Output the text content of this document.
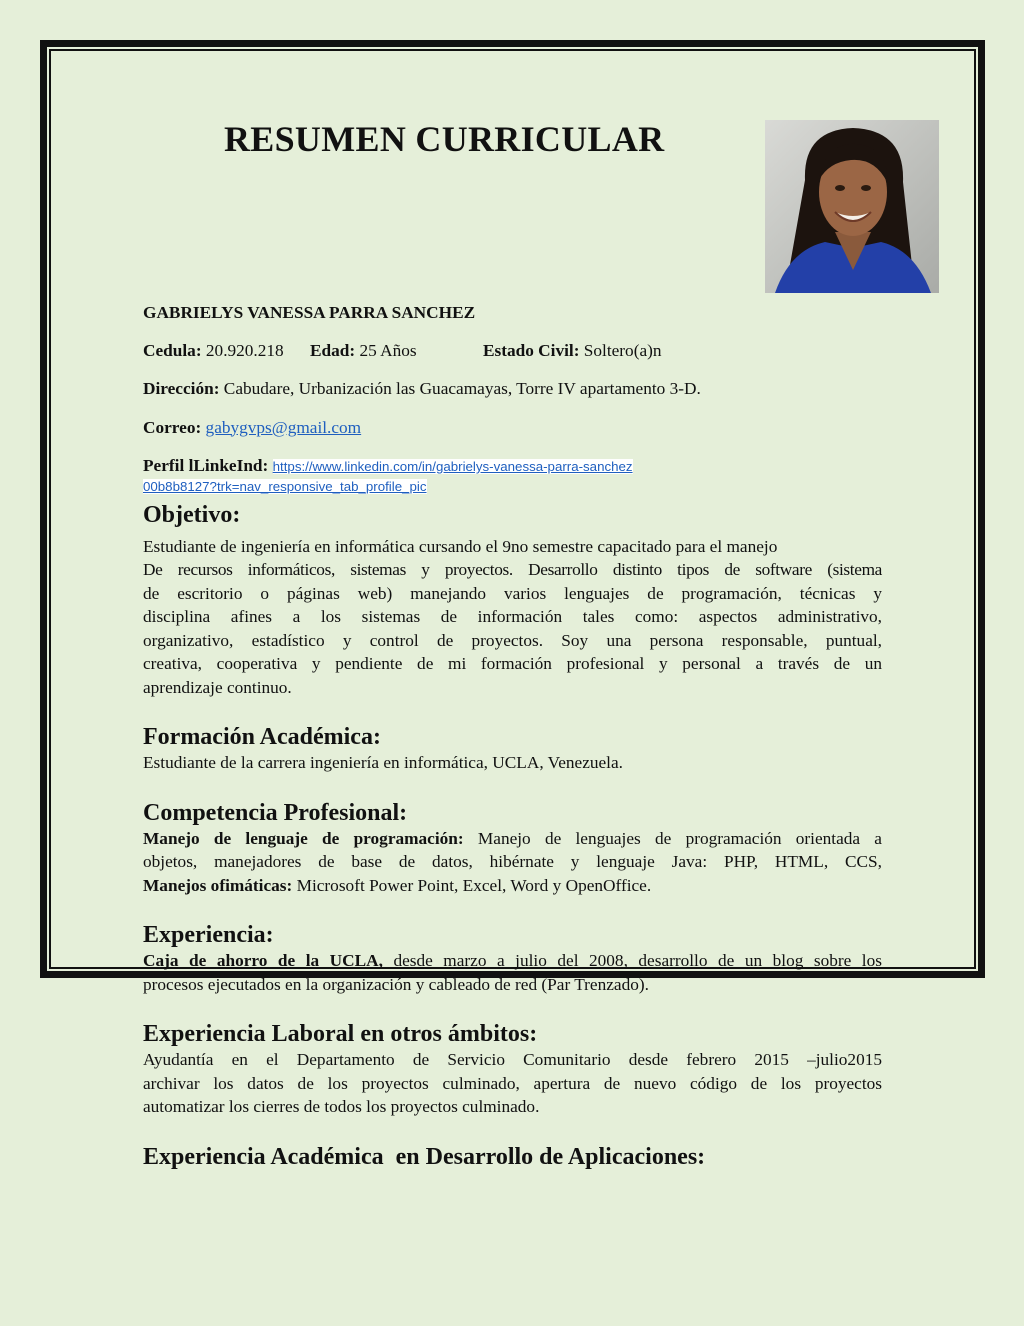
RESUMEN CURRICULAR

GABRIELYS VANESSA PARRA SANCHEZ

Cedula: 20.920.218 Edad: 25 Años	Estado Civil: Soltero(a)n

Dirección: Cabudare, Urbanización las Guacamayas, Torre IV apartamento 3-D.

Correo: gabygvps@gmail.com

Perfil lLinkeInd: https://www.linkedin.com/in/gabrielys-vanessa-parra-sanchez

00b8b8127?trk=nav_responsive_tab_profile_pic

Objetivo:

Estudiante de ingeniería en informática cursando el 9no semestre capacitado para el manejo

De recursos informáticos, sistemas y proyectos. Desarrollo distinto tipos de software (sistema

de escritorio o páginas web) manejando varios lenguajes de programación, técnicas y

disciplina afines a los sistemas de información tales como: aspectos administrativo,

organizativo, estadístico y control de proyectos. Soy una persona responsable, puntual,

creativa, cooperativa y pendiente de mi formación profesional y personal a través de un

aprendizaje continuo.

Formación Académica:

Estudiante de la carrera ingeniería en informática, UCLA, Venezuela.

Competencia Profesional:

Manejo de lenguaje de programación: Manejo de lenguajes de programación orientada a

objetos, manejadores de base de datos, hibérnate y lenguaje Java: PHP, HTML, CCS,

Manejos ofimáticas: Microsoft Power Point, Excel, Word y OpenOffice.

Experiencia:

Caja de ahorro de la UCLA, desde marzo a julio del 2008, desarrollo de un blog sobre los

procesos ejecutados en la organización y cableado de red (Par Trenzado).

Experiencia Laboral en otros ámbitos:

Ayudantía en el Departamento de Servicio Comunitario desde febrero 2015 –julio2015

archivar los datos de los proyectos culminado, apertura de nuevo código de los proyectos

automatizar los cierres de todos los proyectos culminado.

Experiencia Académica  en Desarrollo de Aplicaciones:
